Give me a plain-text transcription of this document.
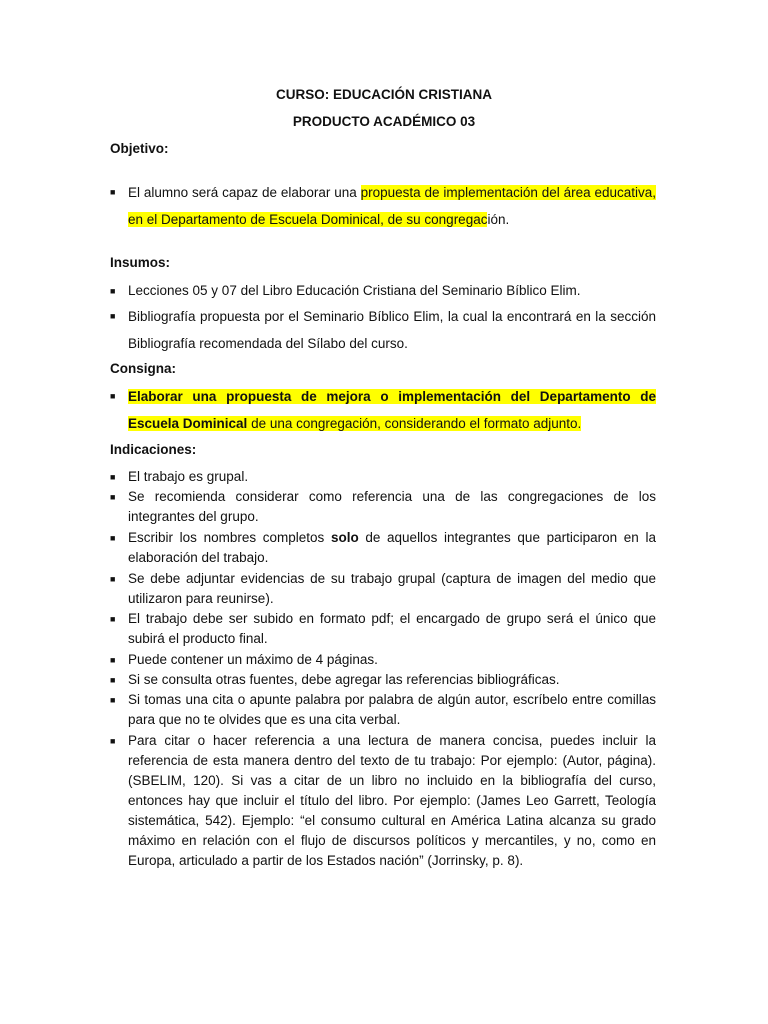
CURSO: EDUCACIÓN CRISTIANA
PRODUCTO ACADÉMICO 03
Objetivo:
■ El alumno será capaz de elaborar una propuesta de implementación del área educativa, en el Departamento de Escuela Dominical, de su congregación.
Insumos:
■ Lecciones 05 y 07 del Libro Educación Cristiana del Seminario Bíblico Elim.
■ Bibliografía propuesta por el Seminario Bíblico Elim, la cual la encontrará en la sección Bibliografía recomendada del Sílabo del curso.
Consigna:
■ Elaborar una propuesta de mejora o implementación del Departamento de Escuela Dominical de una congregación, considerando el formato adjunto.
Indicaciones:
■ El trabajo es grupal.
■ Se recomienda considerar como referencia una de las congregaciones de los integrantes del grupo.
■ Escribir los nombres completos solo de aquellos integrantes que participaron en la elaboración del trabajo.
■ Se debe adjuntar evidencias de su trabajo grupal (captura de imagen del medio que utilizaron para reunirse).
■ El trabajo debe ser subido en formato pdf; el encargado de grupo será el único que subirá el producto final.
■ Puede contener un máximo de 4 páginas.
■ Si se consulta otras fuentes, debe agregar las referencias bibliográficas.
■ Si tomas una cita o apunte palabra por palabra de algún autor, escríbelo entre comillas para que no te olvides que es una cita verbal.
■ Para citar o hacer referencia a una lectura de manera concisa, puedes incluir la referencia de esta manera dentro del texto de tu trabajo: Por ejemplo: (Autor, página). (SBELIM, 120). Si vas a citar de un libro no incluido en la bibliografía del curso, entonces hay que incluir el título del libro. Por ejemplo: (James Leo Garrett, Teología sistemática, 542). Ejemplo: “el consumo cultural en América Latina alcanza su grado máximo en relación con el flujo de discursos políticos y mercantiles, y no, como en Europa, articulado a partir de los Estados nación” (Jorrinsky, p. 8).
